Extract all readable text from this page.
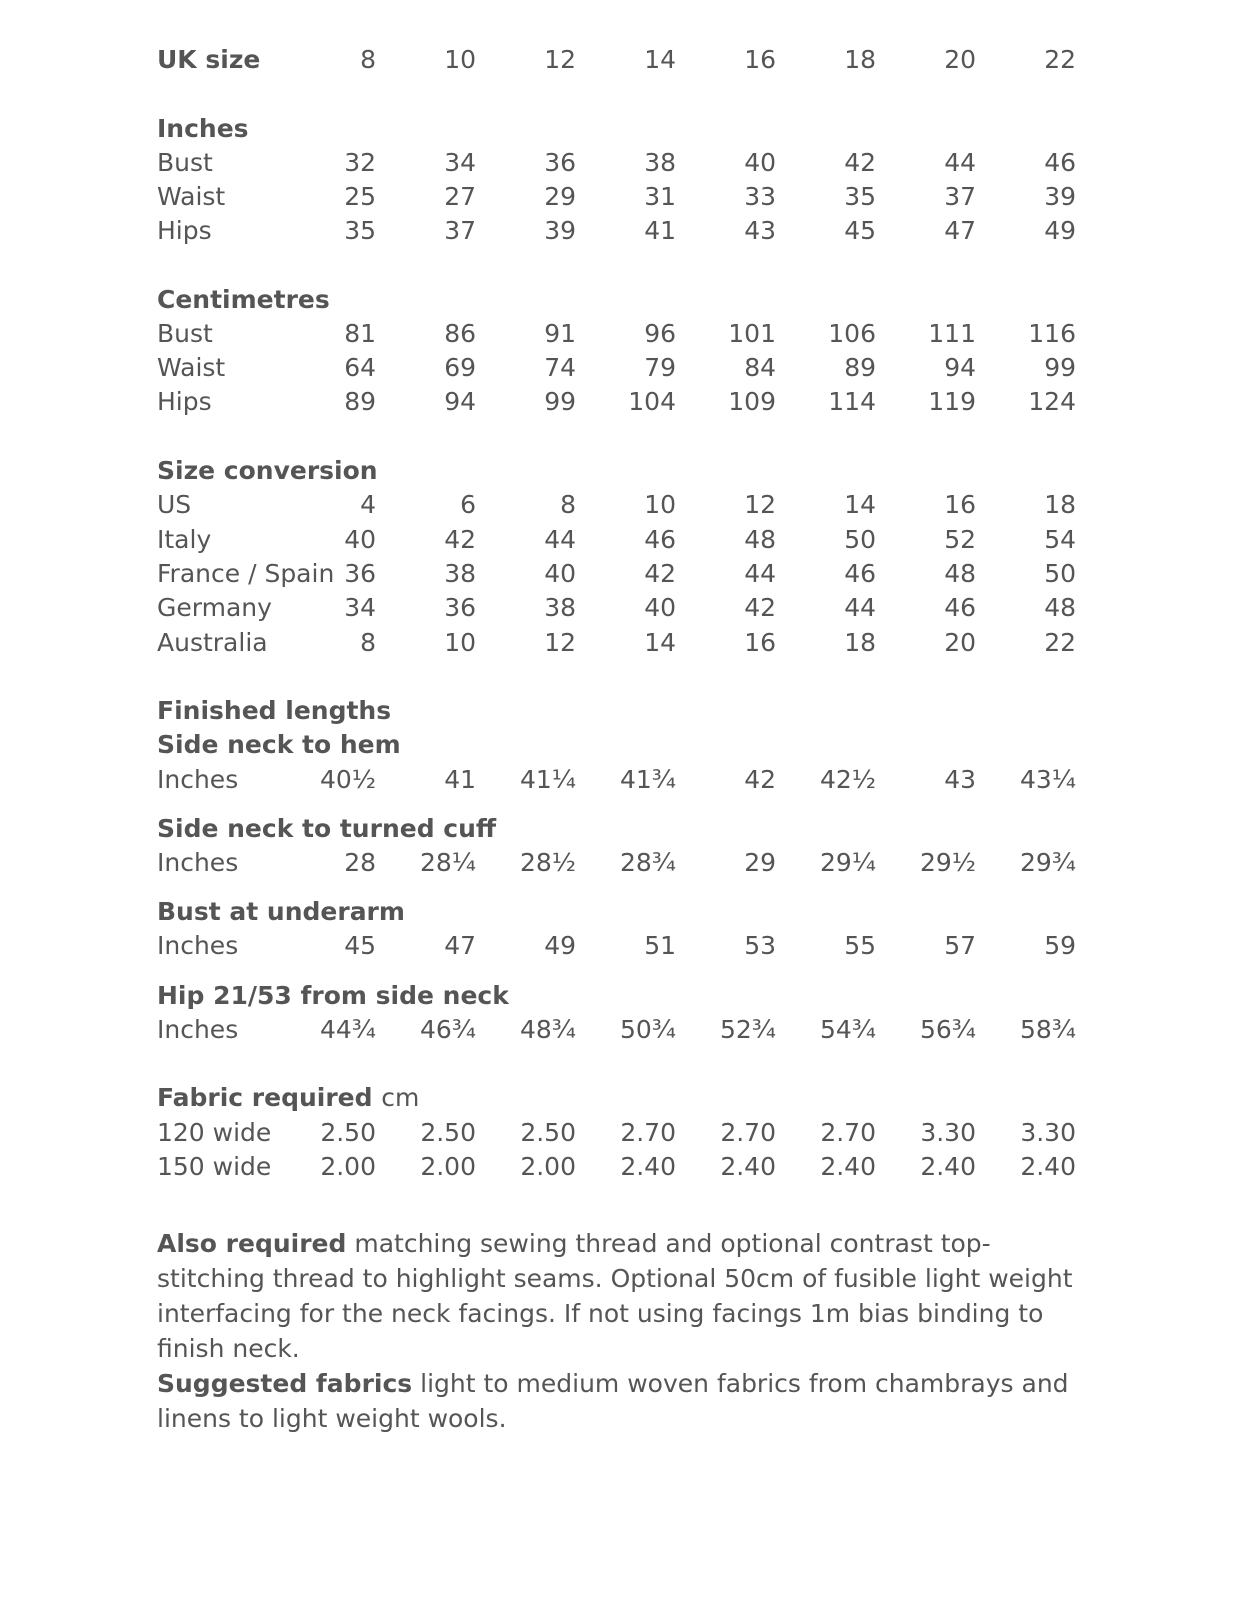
UK size	8	10	12	14	16	18	20	22
Inches
Bust	32	34	36	38	40	42	44	46
Waist	25	27	29	31	33	35	37	39
Hips	35	37	39	41	43	45	47	49
Centimetres
Bust	81	86	91	96	101	106	111	116
Waist	64	69	74	79	84	89	94	99
Hips	89	94	99	104	109	114	119	124
Size conversion
US	4	6	8	10	12	14	16	18
Italy	40	42	44	46	48	50	52	54
France / Spain 36	38	40	42	44	46	48	50
Germany	34	36	38	40	42	44	46	48
Australia	8	10	12	14	16	18	20	22
Finished lengths
Side neck to hem
Inches	40½	41	41¼	41¾	42	42½	43	43¼
Side neck to turned cuff
Inches	28	28¼	28½	28¾	29	29¼	29½	29¾
Bust at underarm
Inches	45	47	49	51	53	55	57	59
Hip 21/53 from side neck
Inches	44¾	46¾	48¾	50¾	52¾	54¾	56¾	58¾
Fabric required cm
120 wide	2.50	2.50	2.50	2.70	2.70	2.70	3.30	3.30
150 wide	2.00	2.00	2.00	2.40	2.40	2.40	2.40	2.40
Also required matching sewing thread and optional contrast top-stitching thread to highlight seams. Optional 50cm of fusible light weight interfacing for the neck facings. If not using facings 1m bias binding to finish neck.
Suggested fabrics light to medium woven fabrics from chambrays and linens to light weight wools.
